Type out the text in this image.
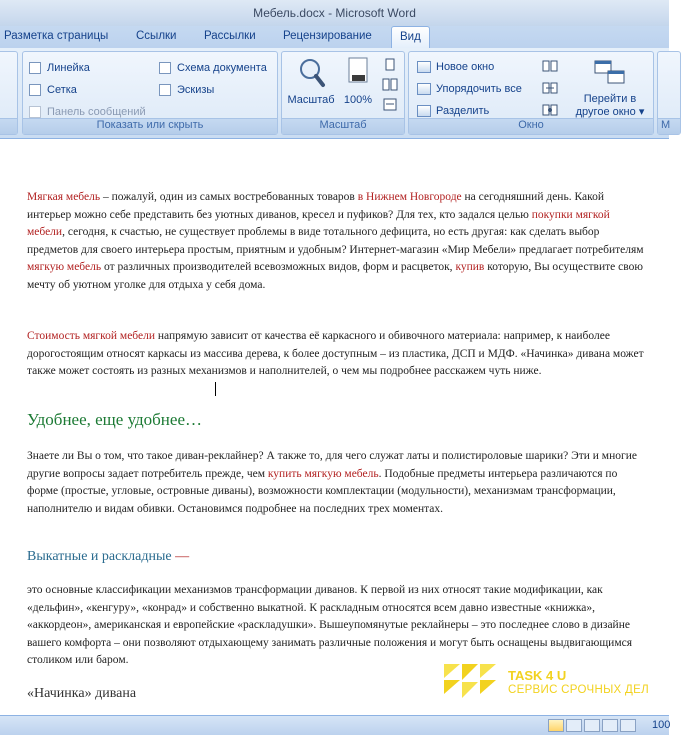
Мебель.docx - Microsoft Word
Разметка страницы Ссылки Рассылки Рецензирование	Вид
Линейка
Сетка
Панель сообщений
Схема документа
Эскизы
Показать или скрыть
Масштаб 100%
Масштаб
Новое окно
Упорядочить все
Разделить
Перейти в
другое окно ▾
Окно	М

Мягкая мебель – пожалуй, один из самых востребованных товаров в Нижнем Новгороде на сегодняшний день. Какой интерьер можно себе представить без уютных диванов, кресел и пуфиков? Для тех, кто задался целью покупки мягкой мебели, сегодня, к счастью, не существует проблемы в виде тотального дефицита, но есть другая: как сделать выбор предметов для своего интерьера простым, приятным и удобным? Интернет-магазин «Мир Мебели» предлагает потребителям мягкую мебель от различных производителей всевозможных видов, форм и расцветок, купив которую, Вы осуществите свою мечту об уютном уголке для отдыха у себя дома.

Стоимость мягкой мебели напрямую зависит от качества её каркасного и обивочного материала: например, к наиболее дорогостоящим относят каркасы из массива дерева, к более доступным – из пластика, ДСП и МДФ. «Начинка» дивана может также может состоять из разных механизмов и наполнителей, о чем мы подробнее расскажем чуть ниже.

Удобнее, еще удобнее…

Знаете ли Вы о том, что такое диван-реклайнер? А также то, для чего служат латы и полистироловые шарики? Эти и многие другие вопросы задает потребитель прежде, чем купить мягкую мебель. Подобные предметы интерьера различаются по форме (простые, угловые, островные диваны), возможности комплектации (модульности), механизмам трансформации, наполнителю и видам обивки. Остановимся подробнее на последних трех моментах.

Выкатные и раскладные —

это основные классификации механизмов трансформации диванов. К первой из них относят такие модификации, как «дельфин», «кенгуру», «конрад» и собственно выкатной. К раскладным относятся всем давно известные «книжка», «аккордеон», американская и европейские «раскладушки». Вышеупомянутые реклайнеры – это последнее слово в дизайне вашего комфорта – они позволяют отдыхающему занимать различные положения и могут быть оснащены выдвигающимся столиком или баром.

«Начинка» дивана
TASK 4 U
СЕРВИС СРОЧНЫХ ДЕЛ
100
